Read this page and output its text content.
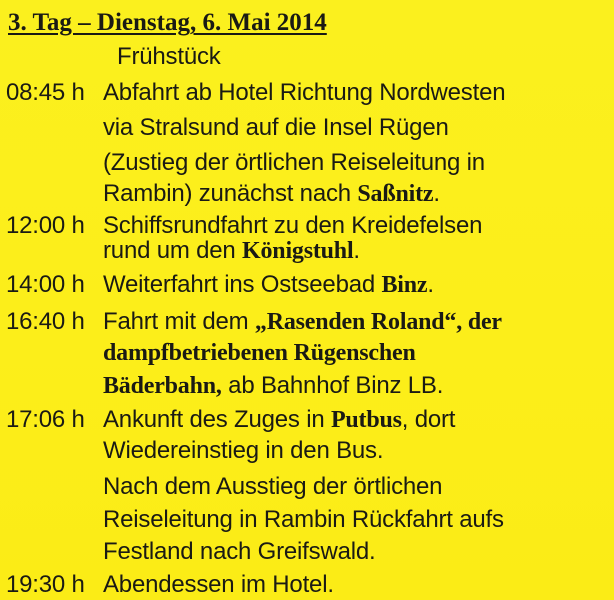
3. Tag – Dienstag, 6. Mai 2014
Frühstück
08:45 h Abfahrt ab Hotel Richtung Nordwesten
via Stralsund auf die Insel Rügen
(Zustieg der örtlichen Reiseleitung in
Rambin) zunächst nach Saßnitz.
12:00 h Schiffsrundfahrt zu den Kreidefelsen
rund um den Königstuhl.
14:00 h Weiterfahrt ins Ostseebad Binz.
16:40 h Fahrt mit dem „Rasenden Roland“, der
dampfbetriebenen Rügenschen
Bäderbahn, ab Bahnhof Binz LB.
17:06 h Ankunft des Zuges in Putbus, dort
Wiedereinstieg in den Bus.
Nach dem Ausstieg der örtlichen
Reiseleitung in Rambin Rückfahrt aufs
Festland nach Greifswald.
19:30 h Abendessen im Hotel.
